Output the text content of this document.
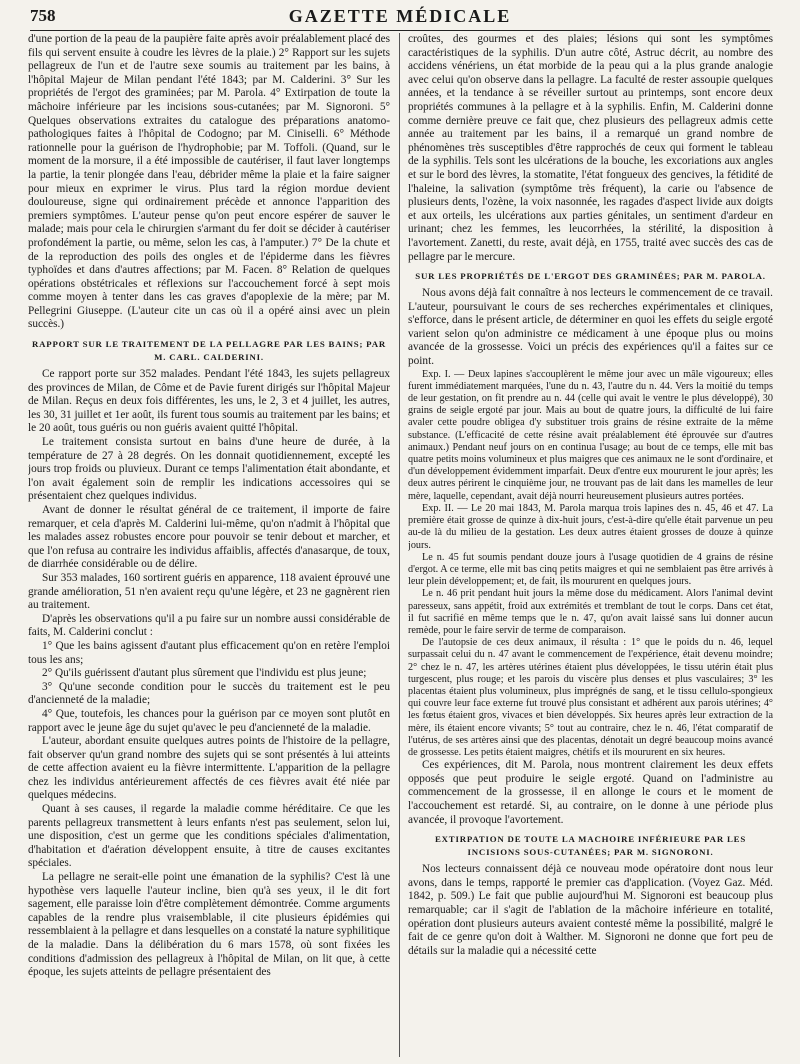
758	GAZETTE MÉDICALE

d'une portion de la peau de la paupière faite après avoir préalablement placé des fils qui servent ensuite à coudre les lèvres de la plaie.) 2° Rapport sur les sujets pellagreux de l'un et de l'autre sexe soumis au traitement par les bains, à l'hôpital Majeur de Milan pendant l'été 1843; par M. Calderini. 3° Sur les propriétés de l'ergot des graminées; par M. Parola. 4° Extirpation de toute la mâchoire inférieure par les incisions sous-cutanées; par M. Signoroni. 5° Quelques observations extraites du catalogue des préparations anatomo-pathologiques faites à l'hôpital de Codogno; par M. Ciniselli. 6° Méthode rationnelle pour la guérison de l'hydrophobie; par M. Toffoli. (Quand, sur le moment de la morsure, il a été impossible de cautériser, il faut laver longtemps la partie, la tenir plongée dans l'eau, débrider même la plaie et la faire saigner pour mieux en exprimer le virus. Plus tard la région mordue devient douloureuse, signe qui ordinairement précède et annonce l'apparition des premiers symptômes. L'auteur pense qu'on peut encore espérer de sauver le malade; mais pour cela le chirurgien s'armant du fer doit se décider à cautériser profondément la partie, ou même, selon les cas, à l'amputer.) 7° De la chute et de la reproduction des poils des ongles et de l'épiderme dans les fièvres typhoïdes et dans d'autres affections; par M. Facen. 8° Relation de quelques opérations obstétricales et réflexions sur l'accouchement forcé à sept mois comme moyen à tenter dans les cas graves d'apoplexie de la mère; par M. Pellegrini Giuseppe. (L'auteur cite un cas où il a opéré ainsi avec un plein succès.)

RAPPORT SUR LE TRAITEMENT DE LA PELLAGRE PAR LES BAINS; PAR M. CARL. CALDERINI.

Ce rapport porte sur 352 malades. Pendant l'été 1843, les sujets pellagreux des provinces de Milan, de Côme et de Pavie furent dirigés sur l'hôpital Majeur de Milan. Reçus en deux fois différentes, les uns, le 2, 3 et 4 juillet, les autres, les 30, 31 juillet et 1er août, ils furent tous soumis au traitement par les bains; et le 20 août, tous guéris ou non guéris avaient quitté l'hôpital.

Le traitement consista surtout en bains d'une heure de durée, à la température de 27 à 28 degrés. On les donnait quotidiennement, excepté les jours trop froids ou pluvieux. Durant ce temps l'alimentation était abondante, et l'on avait également soin de remplir les indications accessoires qui se présentaient chez quelques individus.

Avant de donner le résultat général de ce traitement, il importe de faire remarquer, et cela d'après M. Calderini lui-même, qu'on n'admit à l'hôpital que les malades assez robustes encore pour pouvoir se tenir debout et marcher, et que l'on refusa au contraire les individus affaiblis, affectés d'anasarque, de toux, de diarrhée considérable ou de délire.

Sur 353 malades, 160 sortirent guéris en apparence, 118 avaient éprouvé une grande amélioration, 51 n'en avaient reçu qu'une légère, et 23 ne gagnèrent rien au traitement.

D'après les observations qu'il a pu faire sur un nombre aussi considérable de faits, M. Calderini conclut :

1° Que les bains agissent d'autant plus efficacement qu'on en retère l'emploi tous les ans;

2° Qu'ils guérissent d'autant plus sûrement que l'individu est plus jeune;

3° Qu'une seconde condition pour le succès du traitement est le peu d'ancienneté de la maladie;

4° Que, toutefois, les chances pour la guérison par ce moyen sont plutôt en rapport avec le jeune âge du sujet qu'avec le peu d'ancienneté de la maladie.

L'auteur, abordant ensuite quelques autres points de l'histoire de la pellagre, fait observer qu'un grand nombre des sujets qui se sont présentés à lui atteints de cette affection avaient eu la fièvre intermittente. L'apparition de la pellagre chez les individus antérieurement affectés de ces fièvres avait été niée par quelques médecins.

Quant à ses causes, il regarde la maladie comme héréditaire. Ce que les parents pellagreux transmettent à leurs enfants n'est pas seulement, selon lui, une disposition, c'est un germe que les conditions spéciales d'alimentation, d'habitation et d'aération développent ensuite, à titre de causes excitantes spéciales.

La pellagre ne serait-elle point une émanation de la syphilis? C'est là une hypothèse vers laquelle l'auteur incline, bien qu'à ses yeux, il le dit fort sagement, elle paraisse loin d'être complètement démontrée. Comme arguments capables de la rendre plus vraisemblable, il cite plusieurs épidémies qui ressemblaient à la pellagre et dans lesquelles on a constaté la nature syphilitique de la maladie. Dans la délibération du 6 mars 1578, où sont fixées les conditions d'admission des pellagreux à l'hôpital de Milan, on lit que, à cette époque, les sujets atteints de pellagre présentaient des

croûtes, des gourmes et des plaies; lésions qui sont les symptômes caractéristiques de la syphilis. D'un autre côté, Astruc décrit, au nombre des accidens vénériens, un état morbide de la peau qui a la plus grande analogie avec celui qu'on observe dans la pellagre. La faculté de rester assoupie quelques années, et la tendance à se réveiller surtout au printemps, sont encore deux propriétés communes à la pellagre et à la syphilis. Enfin, M. Calderini donne comme dernière preuve ce fait que, chez plusieurs des pellagreux admis cette année au traitement par les bains, il a remarqué un grand nombre de phénomènes très susceptibles d'être rapprochés de ceux qui forment le tableau de la syphilis. Tels sont les ulcérations de la bouche, les excoriations aux angles et sur le bord des lèvres, la stomatite, l'état fongueux des gencives, la fétidité de l'haleine, la salivation (symptôme très fréquent), la carie ou l'absence de plusieurs dents, l'ozène, la voix nasonnée, les ragades d'aspect livide aux doigts et aux orteils, les ulcérations aux parties génitales, un sentiment d'ardeur en urinant; chez les femmes, les leucorrhées, la stérilité, la disposition à l'avortement. Zanetti, du reste, avait déjà, en 1755, traité avec succès des cas de pellagre par le mercure.

SUR LES PROPRIÉTÉS DE L'ERGOT DES GRAMINÉES; PAR M. PAROLA.

Nous avons déjà fait connaître à nos lecteurs le commencement de ce travail. L'auteur, poursuivant le cours de ses recherches expérimentales et cliniques, s'efforce, dans le présent article, de déterminer en quoi les effets du seigle ergoté varient selon qu'on administre ce médicament à une époque plus ou moins avancée de la grossesse. Voici un précis des expériences qu'il a faites sur ce point.

Exp. I. — Deux lapines s'accouplèrent le même jour avec un mâle vigoureux; elles furent immédiatement marquées, l'une du n. 43, l'autre du n. 44. Vers la moitié du temps de leur gestation, on fit prendre au n. 44 (celle qui avait le ventre le plus développé), 30 grains de seigle ergoté par jour. Mais au bout de quatre jours, la difficulté de lui faire avaler cette poudre obligea d'y substituer trois grains de résine extraite de la même substance. (L'efficacité de cette résine avait préalablement été éprouvée sur d'autres animaux.) Pendant neuf jours on en continua l'usage; au bout de ce temps, elle mit bas quatre petits moins volumineux et plus maigres que ces animaux ne le sont d'ordinaire, et d'un développement évidemment imparfait. Deux d'entre eux moururent le jour après; les deux autres périrent le cinquième jour, ne trouvant pas de lait dans les mamelles de leur mère, laquelle, cependant, avait déjà nourri heureusement plusieurs autres portées.

Exp. II. — Le 20 mai 1843, M. Parola marqua trois lapines des n. 45, 46 et 47. La première était grosse de quinze à dix-huit jours, c'est-à-dire qu'elle était parvenue un peu au-de là du milieu de la gestation. Les deux autres étaient grosses de douze à quinze jours.

Le n. 45 fut soumis pendant douze jours à l'usage quotidien de 4 grains de résine d'ergot. A ce terme, elle mit bas cinq petits maigres et qui ne semblaient pas être arrivés à leur plein développement; et, de fait, ils moururent en quelques jours.

Le n. 46 prit pendant huit jours la même dose du médicament. Alors l'animal devint paresseux, sans appétit, froid aux extrémités et tremblant de tout le corps. Dans cet état, il fut sacrifié en même temps que le n. 47, qu'on avait laissé sans lui donner aucun remède, pour le faire servir de terme de comparaison.

De l'autopsie de ces deux animaux, il résulta : 1° que le poids du n. 46, lequel surpassait celui du n. 47 avant le commencement de l'expérience, était devenu moindre; 2° chez le n. 47, les artères utérines étaient plus développées, le tissu utérin était plus turgescent, plus rouge; et les parois du viscère plus denses et plus vasculaires; 3° les placentas étaient plus volumineux, plus imprégnés de sang, et le tissu cellulo-spongieux qui couvre leur face externe fut trouvé plus consistant et adhérent aux parois utérines; 4° les fœtus étaient gros, vivaces et bien développés. Six heures après leur extraction de la mère, ils étaient encore vivants; 5° tout au contraire, chez le n. 46, l'état comparatif de l'utérus, de ses artères ainsi que des placentas, dénotait un degré beaucoup moins avancé de grossesse. Les petits étaient maigres, chétifs et ils moururent en six heures.

Ces expériences, dit M. Parola, nous montrent clairement les deux effets opposés que peut produire le seigle ergoté. Quand on l'administre au commencement de la grossesse, il en allonge le cours et le moment de l'accouchement est retardé. Si, au contraire, on le donne à une période plus avancée, il provoque l'avortement.

EXTIRPATION DE TOUTE LA MACHOIRE INFÉRIEURE PAR LES INCISIONS SOUS-CUTANÉES; PAR M. SIGNORONI.

Nos lecteurs connaissent déjà ce nouveau mode opératoire dont nous leur avons, dans le temps, rapporté le premier cas d'application. (Voyez Gaz. Méd. 1842, p. 509.) Le fait que publie aujourd'hui M. Signoroni est beaucoup plus remarquable; car il s'agit de l'ablation de la mâchoire inférieure en totalité, opération dont plusieurs auteurs avaient contesté même la possibilité, malgré le fait de ce genre qu'on doit à Walther. M. Signoroni ne donne que fort peu de détails sur la maladie qui a nécessité cette
